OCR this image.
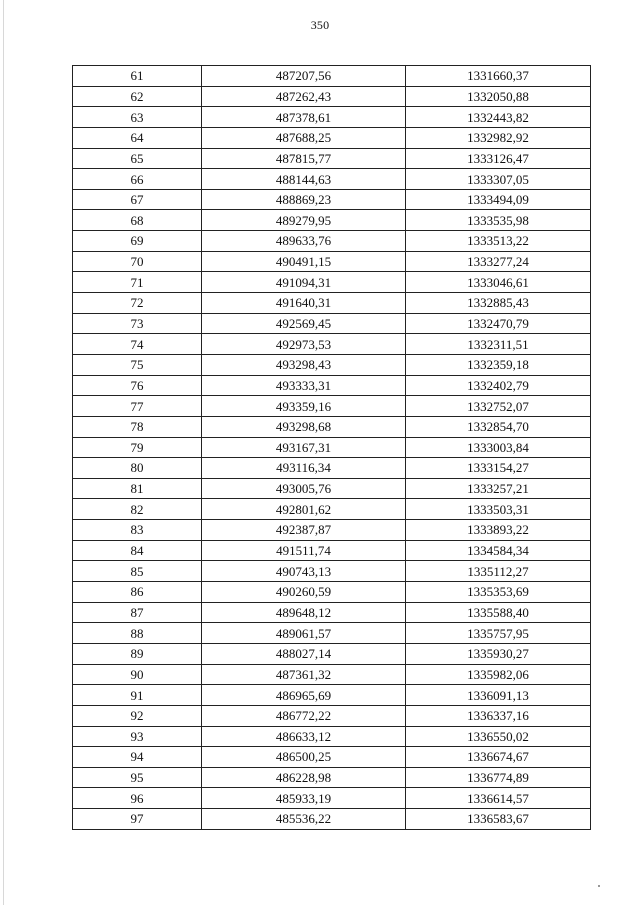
350
61	487207,56	1331660,37
62	487262,43	1332050,88
63	487378,61	1332443,82
64	487688,25	1332982,92
65	487815,77	1333126,47
66	488144,63	1333307,05
67	488869,23	1333494,09
68	489279,95	1333535,98
69	489633,76	1333513,22
70	490491,15	1333277,24
71	491094,31	1333046,61
72	491640,31	1332885,43
73	492569,45	1332470,79
74	492973,53	1332311,51
75	493298,43	1332359,18
76	493333,31	1332402,79
77	493359,16	1332752,07
78	493298,68	1332854,70
79	493167,31	1333003,84
80	493116,34	1333154,27
81	493005,76	1333257,21
82	492801,62	1333503,31
83	492387,87	1333893,22
84	491511,74	1334584,34
85	490743,13	1335112,27
86	490260,59	1335353,69
87	489648,12	1335588,40
88	489061,57	1335757,95
89	488027,14	1335930,27
90	487361,32	1335982,06
91	486965,69	1336091,13
92	486772,22	1336337,16
93	486633,12	1336550,02
94	486500,25	1336674,67
95	486228,98	1336774,89
96	485933,19	1336614,57
97	485536,22	1336583,67
